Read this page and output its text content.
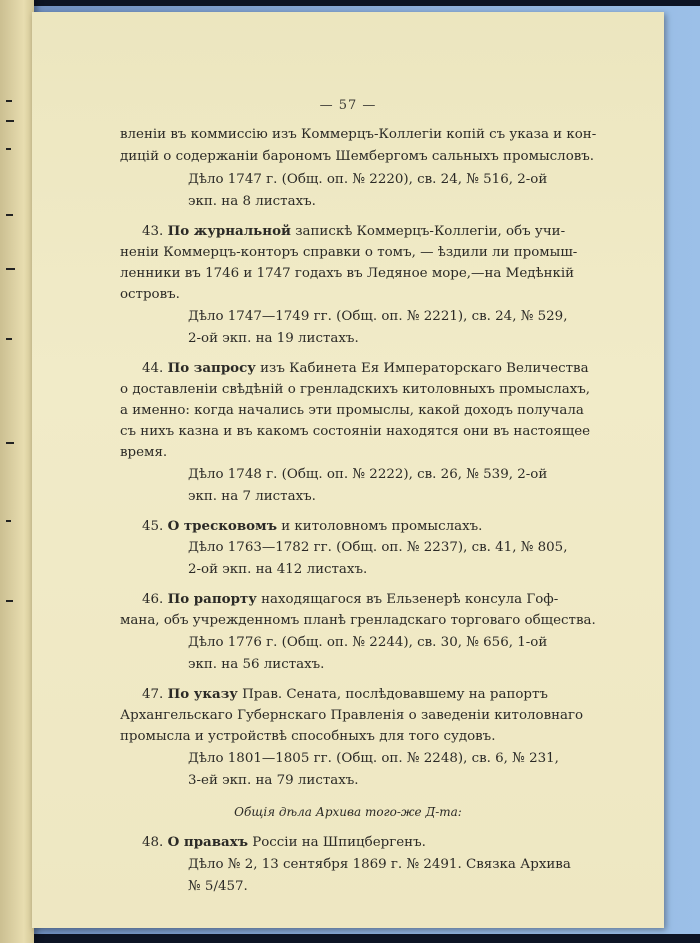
— 57 —
вленіи въ коммиссію изъ Коммерцъ-Коллегіи копій съ указа и кон-
дицій о содержаніи барономъ Шембергомъ сальныхъ промысловъ.
Дѣло 1747 г. (Общ. оп. № 2220), св. 24, № 516, 2-ой
экп. на 8 листахъ.
43. По журнальной запискѣ Коммерцъ-Коллегіи, объ учи-
неніи Коммерцъ-конторъ справки о томъ, — ѣздили ли промыш-
ленники въ 1746 и 1747 годахъ въ Ледяное море,—на Медѣнкій
островъ.
Дѣло 1747—1749 гг. (Общ. оп. № 2221), св. 24, № 529,
2-ой экп. на 19 листахъ.
44. По запросу изъ Кабинета Ея Императорскаго Величества
о доставленіи свѣдѣній о гренладскихъ китоловныхъ промыслахъ,
а именно: когда начались эти промыслы, какой доходъ получала
съ нихъ казна и въ какомъ состояніи находятся они въ настоящее
время.
Дѣло 1748 г. (Общ. оп. № 2222), св. 26, № 539, 2-ой
экп. на 7 листахъ.
45. О тресковомъ и китоловномъ промыслахъ.
Дѣло 1763—1782 гг. (Общ. оп. № 2237), св. 41, № 805,
2-ой экп. на 412 листахъ.
46. По рапорту находящагося въ Ельзенерѣ консула Гоф-
мана, объ учрежденномъ планѣ гренладскаго торговаго общества.
Дѣло 1776 г. (Общ. оп. № 2244), св. 30, № 656, 1-ой
экп. на 56 листахъ.
47. По указу Прав. Сената, послѣдовавшему на рапортъ
Архангельскаго Губернскаго Правленія о заведеніи китоловнаго
промысла и устройствѣ способныхъ для того судовъ.
Дѣло 1801—1805 гг. (Общ. оп. № 2248), св. 6, № 231,
3-ей экп. на 79 листахъ.
Общія дѣла Архива того-же Д-та:
48. О правахъ Россіи на Шпицбергенъ.
Дѣло № 2, 13 сентября 1869 г. № 2491. Связка Архива
№ 5/457.
